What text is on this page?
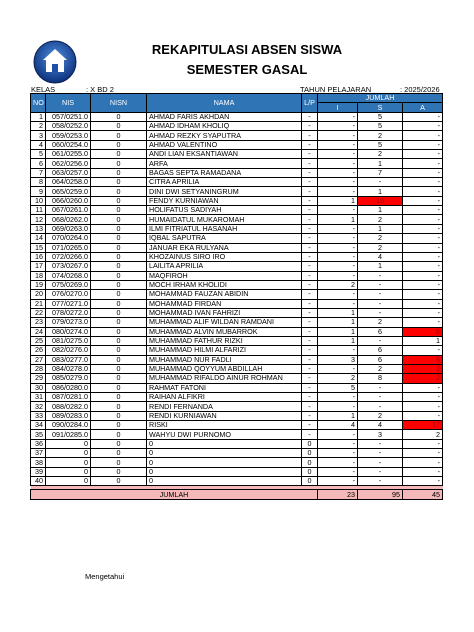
REKAPITULASI ABSEN SISWA
SEMESTER GASAL
KELAS	: X BD 2	TAHUN PELAJARAN	: 2025/2026
NO	NIS	NISN	NAMA	L/P	JUMLAH		
					I	S	A
1	057/0251.0	0	AHMAD FARIS AKHDAN	-	-	5	-
2	058/0252.0	0	AHMAD IDHAM KHOLIQ	-	-	5	-
3	059/0253.0	0	AHMAD REZKY SYAPUTRA	-	-	2	-
4	060/0254.0	0	AHMAD VALENTINO	-	-	5	-
5	061/0255.0	0	ANDI LIAN EKSANTIAWAN	-	-	2	-
6	062/0256.0	0	ARFA	-	-	1	-
7	063/0257.0	0	BAGAS SEPTA RAMADANA	-	-	7	-
8	064/0258.0	0	CITRA APRILIA	-	-	-	-
9	065/0259.0	0	DINI DWI SETYANINGRUM	-	-	1	-
10	066/0260.0	0	FENDY KURNIAWAN	-	1	16	-
11	067/0261.0	0	HOLIFATUS SADIYAH	-	-	1	-
12	068/0262.0	0	HUMAIDATUL MUKAROMAH	-	1	2	-
13	069/0263.0	0	ILMI FITRIATUL HASANAH	-	-	1	-
14	070/0264.0	0	IQBAL SAPUTRA	-	-	2	-
15	071/0265.0	0	JANUAR EKA RULYANA	-	-	2	-
16	072/0266.0	0	KHOZAINUS SIRO IRO	-	-	4	-
17	073/0267.0	0	LAILITA APRILIA	-	-	1	-
18	074/0268.0	0	MAQFIROH	-	-	-	-
19	075/0269.0	0	MOCH IRHAM KHOLIDI	-	2	-	-
20	076/0270.0	0	MOHAMMAD FAUZAN ABIDIN	-	-	-	-
21	077/0271.0	0	MOHAMMAD FIRDAN	-	-	-	-
22	078/0272.0	0	MOHAMMAD IVAN FAHRIZI	-	1	-	-
23	079/0273.0	0	MUHAMMAD ALIF WILDAN RAMDANI	-	1	2	-
24	080/0274.0	0	MUHAMMAD ALVIN MUBARROK	-	1	6	6
25	081/0275.0	0	MUHAMMAD FATHUR RIZKI	-	1	-	1
26	082/0276.0	0	MUHAMMAD HILMI ALFARIZI	-	-	6	-
27	083/0277.0	0	MUHAMMAD NUR FADLI	-	3	6	6
28	084/0278.0	0	MUHAMMAD QOYYUM ABDILLAH	-	-	2	2
29	085/0279.0	0	MUHAMMAD RIFALDO AINUR ROHMAN	-	2	8	2
30	086/0280.0	0	RAHMAT FATONI	-	5	-	-
31	087/0281.0	0	RAIHAN ALFIKRI	-	-	-	-
32	088/0282.0	0	RENDI FERNANDA	-	-	-	-
33	089/0283.0	0	RENDI KURNIAWAN	-	1	2	-
34	090/0284.0	0	RISKI	-	4	4	17
35	091/0285.0	0	WAHYU DWI PURNOMO	-	-	3	2
36	0	0	0	0	-	-	-
37	0	0	0	0	-	-	-
38	0	0	0	0	-	-	-
39	0	0	0	0	-	-	-
40	0	0	0	0	-	-	-

JUMLAH					23	95	45
Mengetahui
